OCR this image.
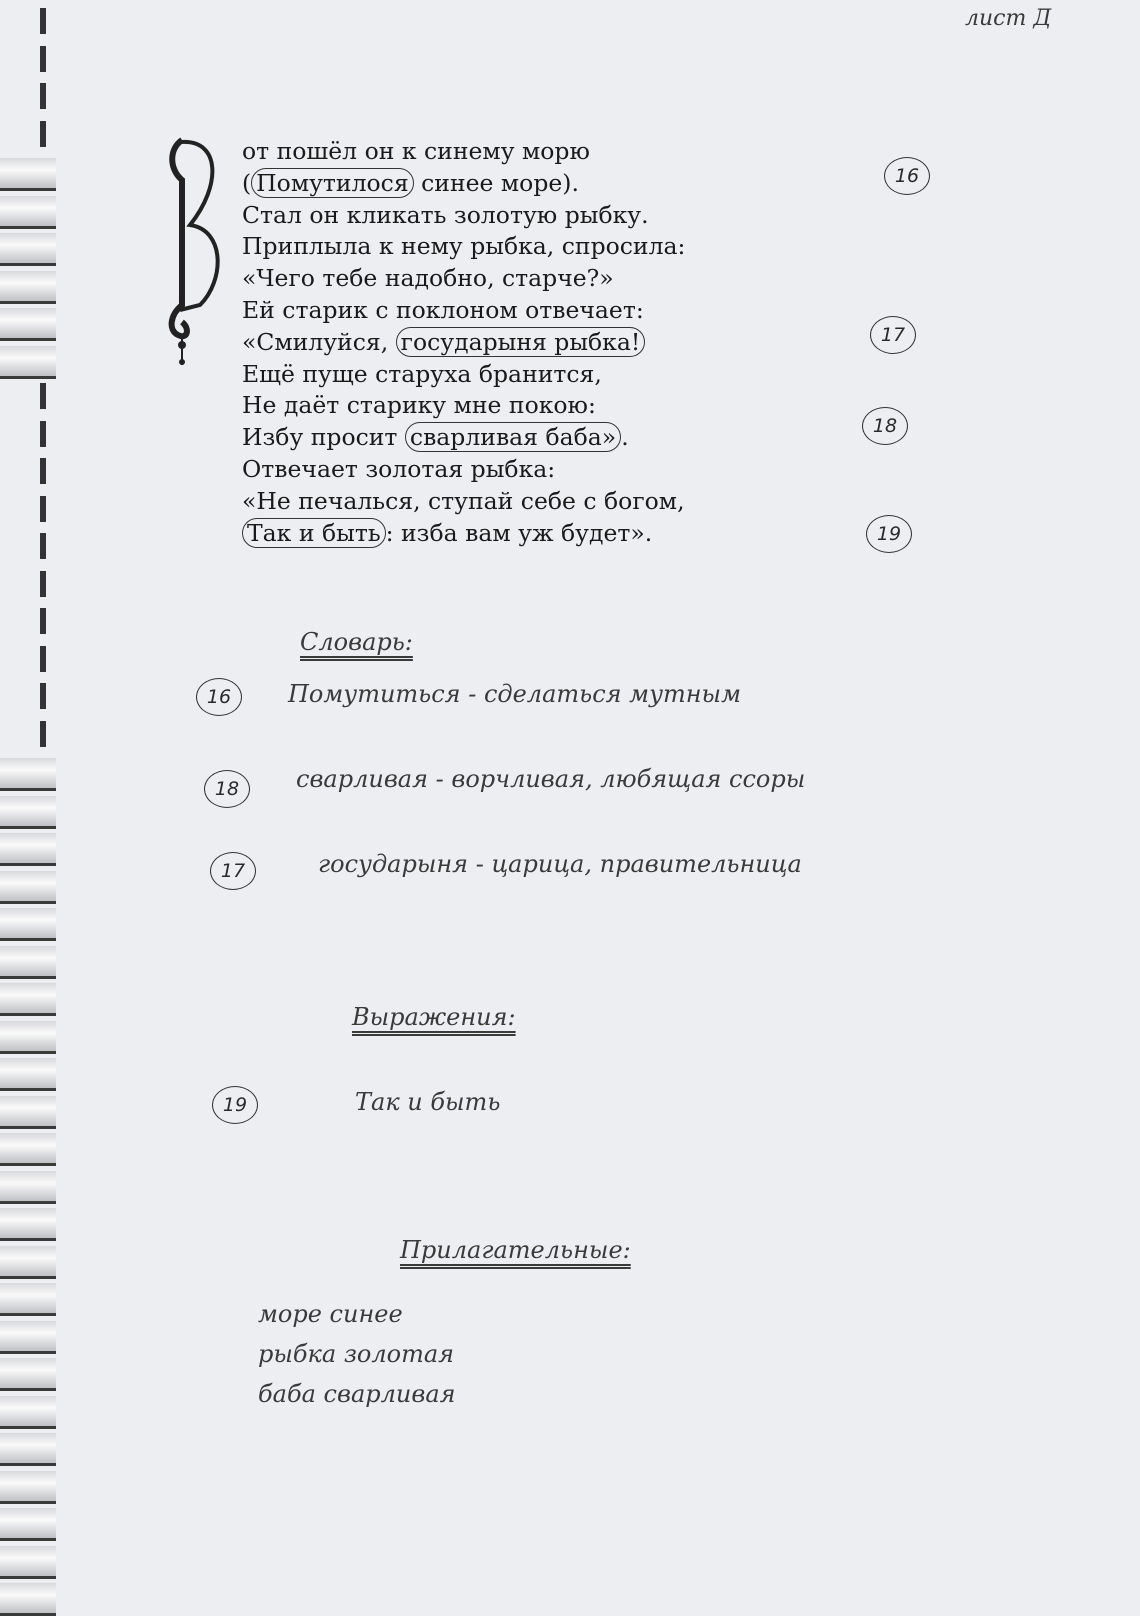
лист Д
от пошёл он к синему морю
( Помутилося синее море).
Стал он кликать золотую рыбку.
Приплыла к нему рыбка, спросила:
«Чего тебе надобно, старче?»
Ей старик с поклоном отвечает:
«Смилуйся, государыня рыбка!
Ещё пуще старуха бранится,
Не даёт старику мне покою:
Избу просит сварливая баба» .
Отвечает золотая рыбка:
«Не печалься, ступай себе с богом,
Так и быть : изба вам уж будет».
16
17
18
19
Словарь:
16	Помутиться - сделаться мутным
18	сварливая - ворчливая, любящая ссоры
17	государыня - царица, правительница
Выражения:
19	Так и быть
Прилагательные:
море синее
рыбка золотая
баба сварливая
